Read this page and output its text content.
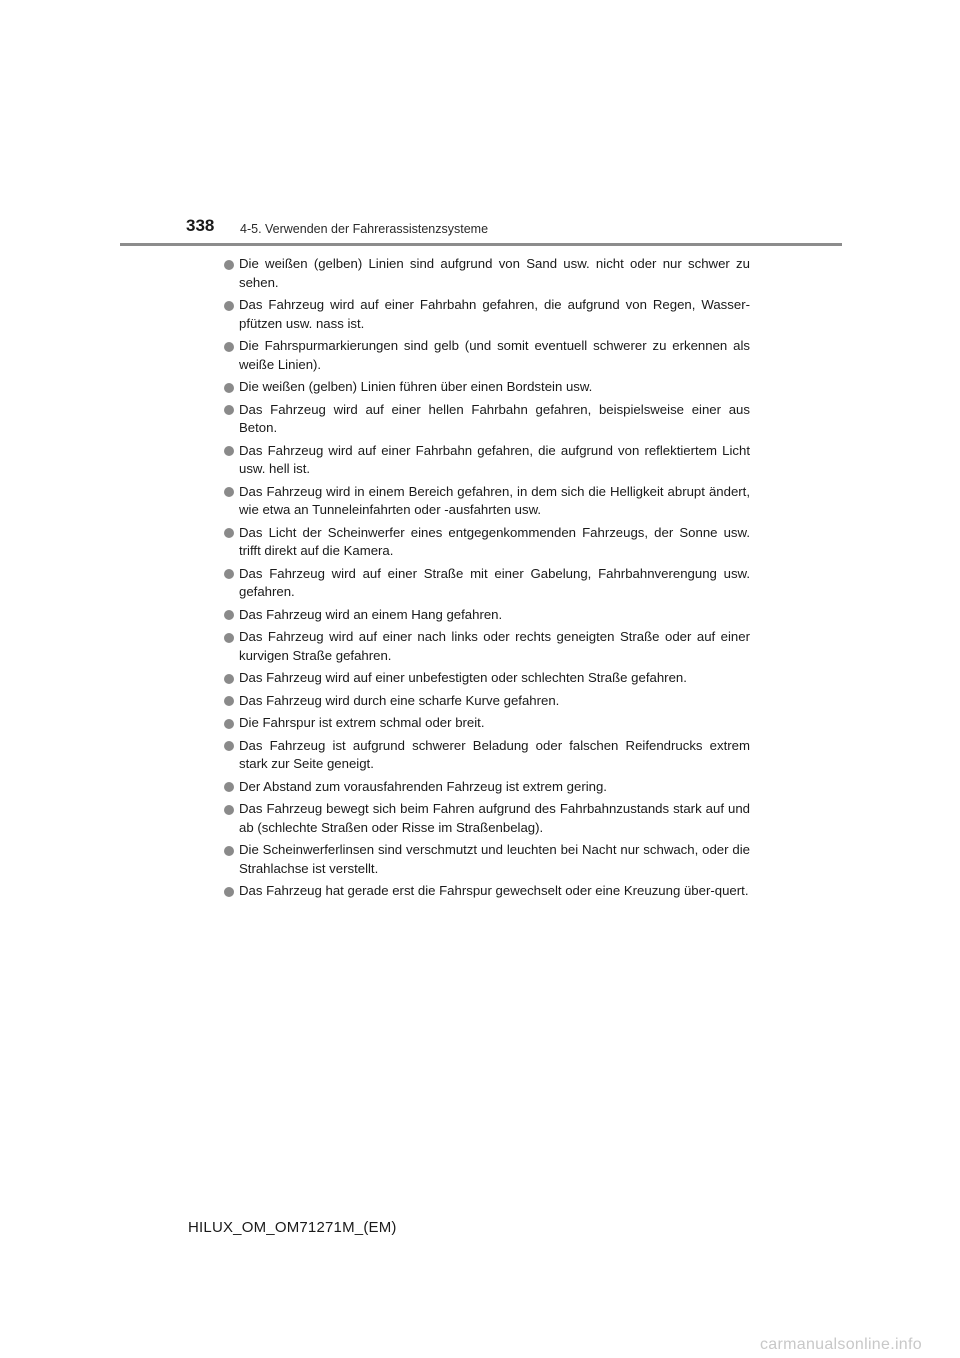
338 4-5. Verwenden der Fahrerassistenzsysteme
Die weißen (gelben) Linien sind aufgrund von Sand usw. nicht oder nur schwer zu sehen.
Das Fahrzeug wird auf einer Fahrbahn gefahren, die aufgrund von Regen, Wasser-pfützen usw. nass ist.
Die Fahrspurmarkierungen sind gelb (und somit eventuell schwerer zu erkennen als weiße Linien).
Die weißen (gelben) Linien führen über einen Bordstein usw.
Das Fahrzeug wird auf einer hellen Fahrbahn gefahren, beispielsweise einer aus Beton.
Das Fahrzeug wird auf einer Fahrbahn gefahren, die aufgrund von reflektiertem Licht usw. hell ist.
Das Fahrzeug wird in einem Bereich gefahren, in dem sich die Helligkeit abrupt ändert, wie etwa an Tunneleinfahrten oder -ausfahrten usw.
Das Licht der Scheinwerfer eines entgegenkommenden Fahrzeugs, der Sonne usw. trifft direkt auf die Kamera.
Das Fahrzeug wird auf einer Straße mit einer Gabelung, Fahrbahnverengung usw. gefahren.
Das Fahrzeug wird an einem Hang gefahren.
Das Fahrzeug wird auf einer nach links oder rechts geneigten Straße oder auf einer kurvigen Straße gefahren.
Das Fahrzeug wird auf einer unbefestigten oder schlechten Straße gefahren.
Das Fahrzeug wird durch eine scharfe Kurve gefahren.
Die Fahrspur ist extrem schmal oder breit.
Das Fahrzeug ist aufgrund schwerer Beladung oder falschen Reifendrucks extrem stark zur Seite geneigt.
Der Abstand zum vorausfahrenden Fahrzeug ist extrem gering.
Das Fahrzeug bewegt sich beim Fahren aufgrund des Fahrbahnzustands stark auf und ab (schlechte Straßen oder Risse im Straßenbelag).
Die Scheinwerferlinsen sind verschmutzt und leuchten bei Nacht nur schwach, oder die Strahlachse ist verstellt.
Das Fahrzeug hat gerade erst die Fahrspur gewechselt oder eine Kreuzung über-quert.
HILUX_OM_OM71271M_(EM)
carmanualsonline.info
